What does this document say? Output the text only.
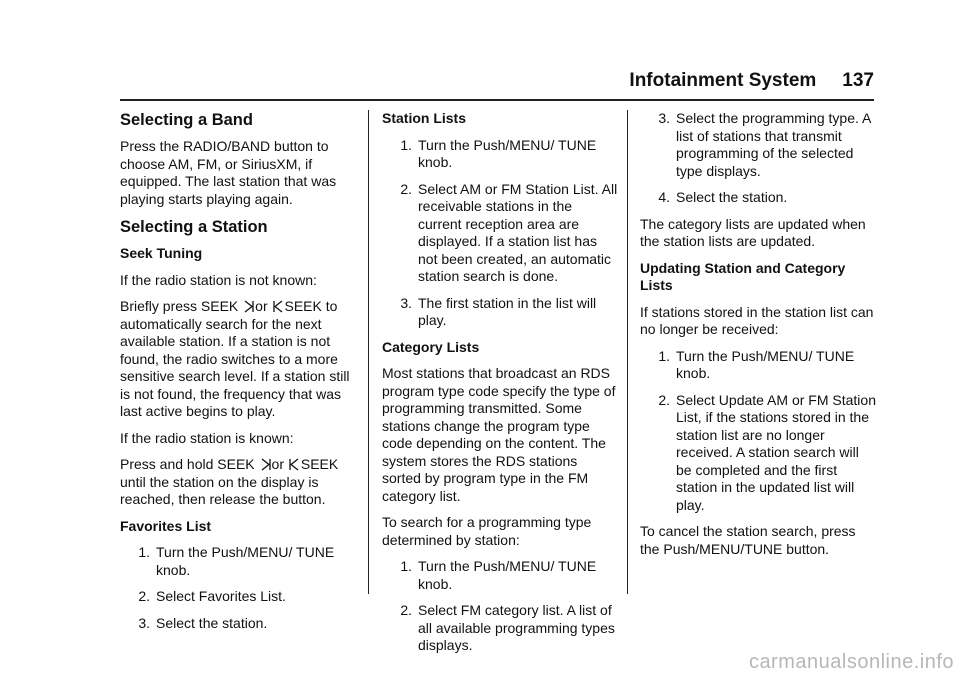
Infotainment System 137
Selecting a Band

Press the RADIO/BAND button to choose AM, FM, or SiriusXM, if equipped. The last station that was playing starts playing again.

Selecting a Station
Seek Tuning

If the radio station is not known:

Briefly press SEEK or SEEK to automatically search for the next available station. If a station is not found, the radio switches to a more sensitive search level. If a station still is not found, the frequency that was last active begins to play.

If the radio station is known:

Press and hold SEEK or SEEK until the station on the display is reached, then release the button.

Favorites List
1. Turn the Push/MENU/ TUNE knob.
2. Select Favorites List.
3. Select the station.
Station Lists
1. Turn the Push/MENU/ TUNE knob.
2. Select AM or FM Station List. All receivable stations in the current reception area are displayed. If a station list has not been created, an automatic station search is done.
3. The first station in the list will play.
Category Lists

Most stations that broadcast an RDS program type code specify the type of programming transmitted. Some stations change the program type code depending on the content. The system stores the RDS stations sorted by program type in the FM category list.

To search for a programming type determined by station:

1. Turn the Push/MENU/ TUNE knob.
2. Select FM category list. A list of all available programming types displays.
3. Select the programming type. A list of stations that transmit programming of the selected type displays.
4. Select the station.

The category lists are updated when the station lists are updated.

Updating Station and Category Lists

If stations stored in the station list can no longer be received:

1. Turn the Push/MENU/ TUNE knob.
2. Select Update AM or FM Station List, if the stations stored in the station list are no longer received. A station search will be completed and the first station in the updated list will play.

To cancel the station search, press the Push/MENU/TUNE button.

carmanualsonline.info
